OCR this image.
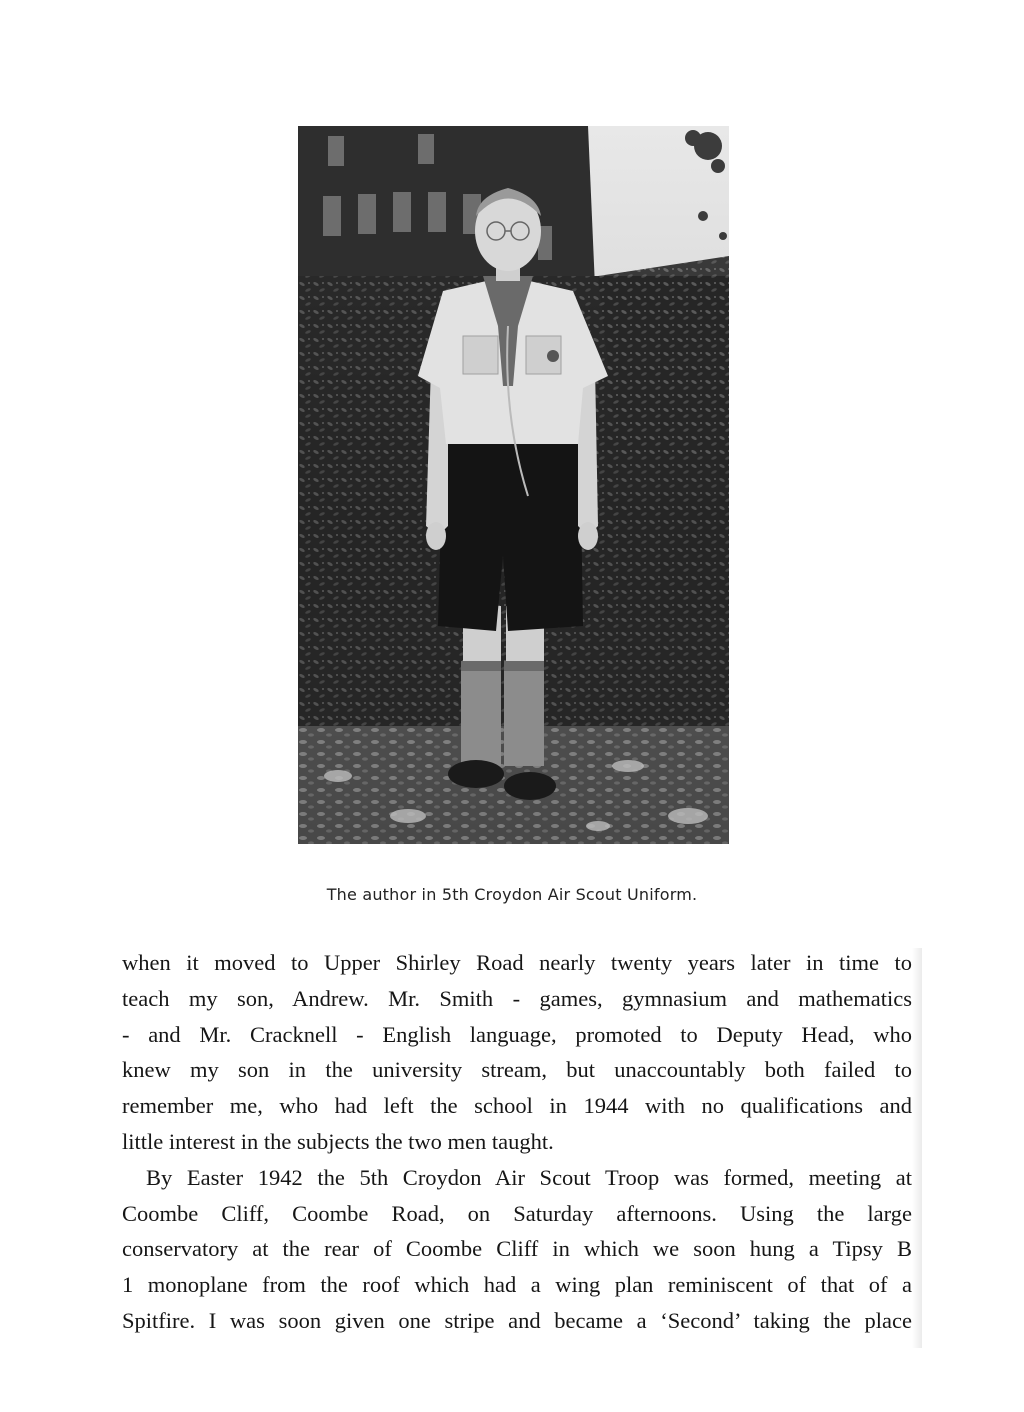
The author in 5th Croydon Air Scout Uniform.

when it moved to Upper Shirley Road nearly twenty years later in time to
teach my son, Andrew. Mr. Smith - games, gymnasium and mathematics
- and Mr. Cracknell - English language, promoted to Deputy Head, who
knew my son in the university stream, but unaccountably both failed to
remember me, who had left the school in 1944 with no qualifications and
little interest in the subjects the two men taught.

By Easter 1942 the 5th Croydon Air Scout Troop was formed, meeting at
Coombe Cliff, Coombe Road, on Saturday afternoons. Using the large
conservatory at the rear of Coombe Cliff in which we soon hung a Tipsy B
1 monoplane from the roof which had a wing plan reminiscent of that of a
Spitfire. I was soon given one stripe and became a ‘Second’ taking the place
